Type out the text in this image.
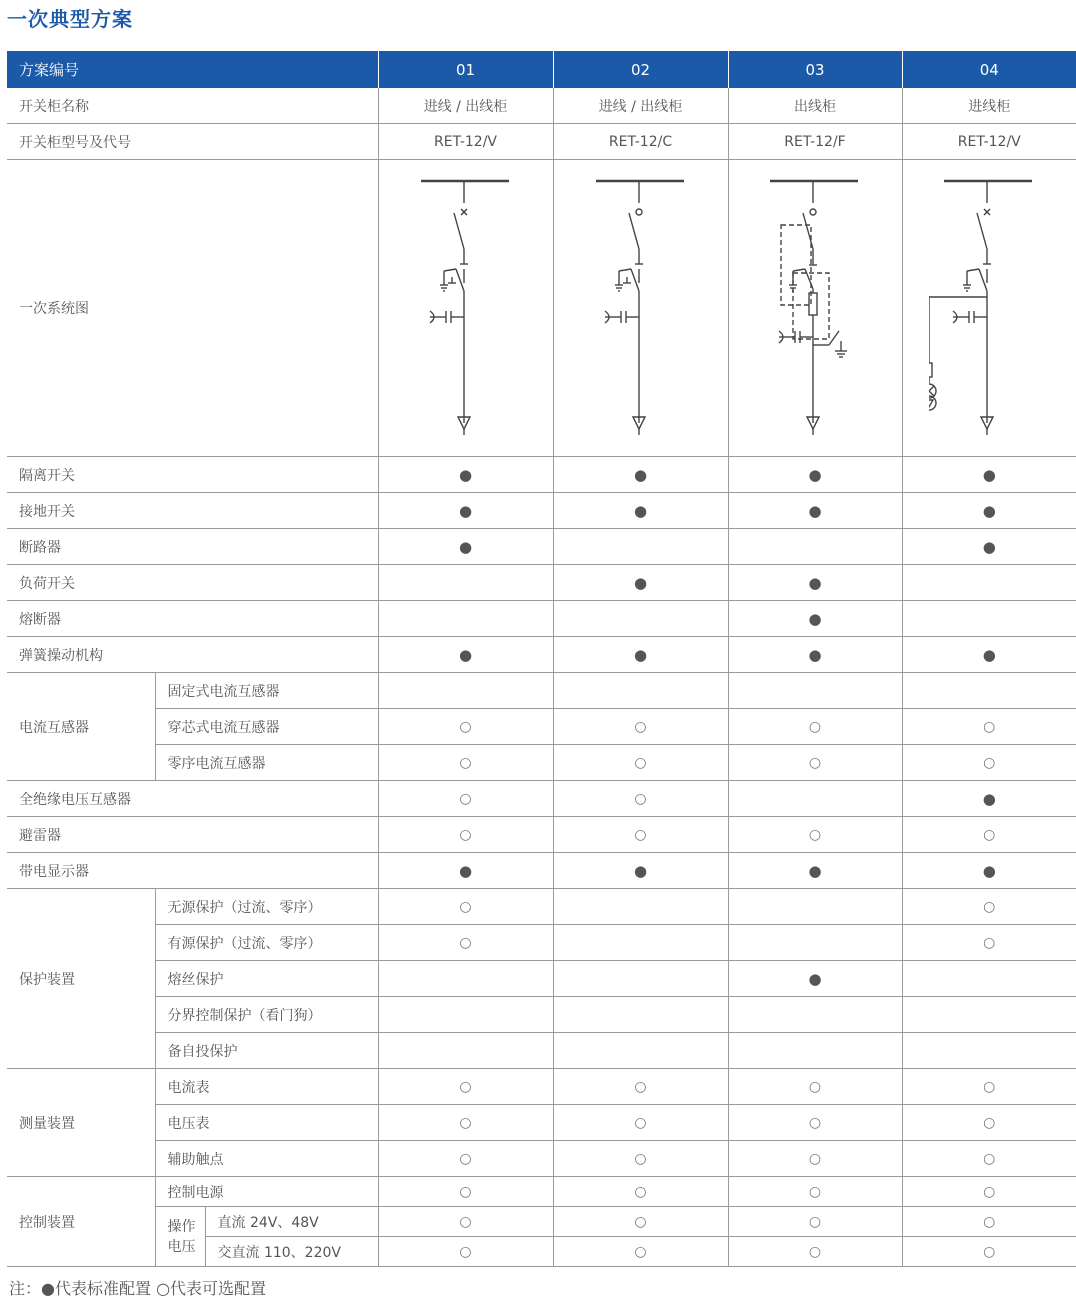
一次典型方案
方案编号			01	02	03	04
开关柜名称			进线 / 出线柜	进线 / 出线柜	出线柜	进线柜
开关柜型号及代号			RET-12/V	RET-12/C	RET-12/F	RET-12/V
一次系统图	

隔离开关			●	●	●	●
接地开关			●	●	●	●
断路器			●			●
负荷开关				●	●	
熔断器					●	
弹簧操动机构			●	●	●	●
电流互感器	固定式电流互感器					
	穿芯式电流互感器		○	○	○	○
	零序电流互感器		○	○	○	○
全绝缘电压互感器			○	○		●
避雷器			○	○	○	○
带电显示器			●	●	●	●
保护装置	无源保护（过流、零序）		○			○
	有源保护（过流、零序）		○			○
	熔丝保护				●	
	分界控制保护（看门狗）					
	备自投保护					
测量装置	电流表		○	○	○	○
	电压表		○	○	○	○
	辅助触点		○	○	○	○
控制装置	控制电源		○	○	○	○
	操作电压	直流 24V、48V	○	○	○	○
		交直流 110、220V	○	○	○	○
注：●代表标准配置 ○代表可选配置
